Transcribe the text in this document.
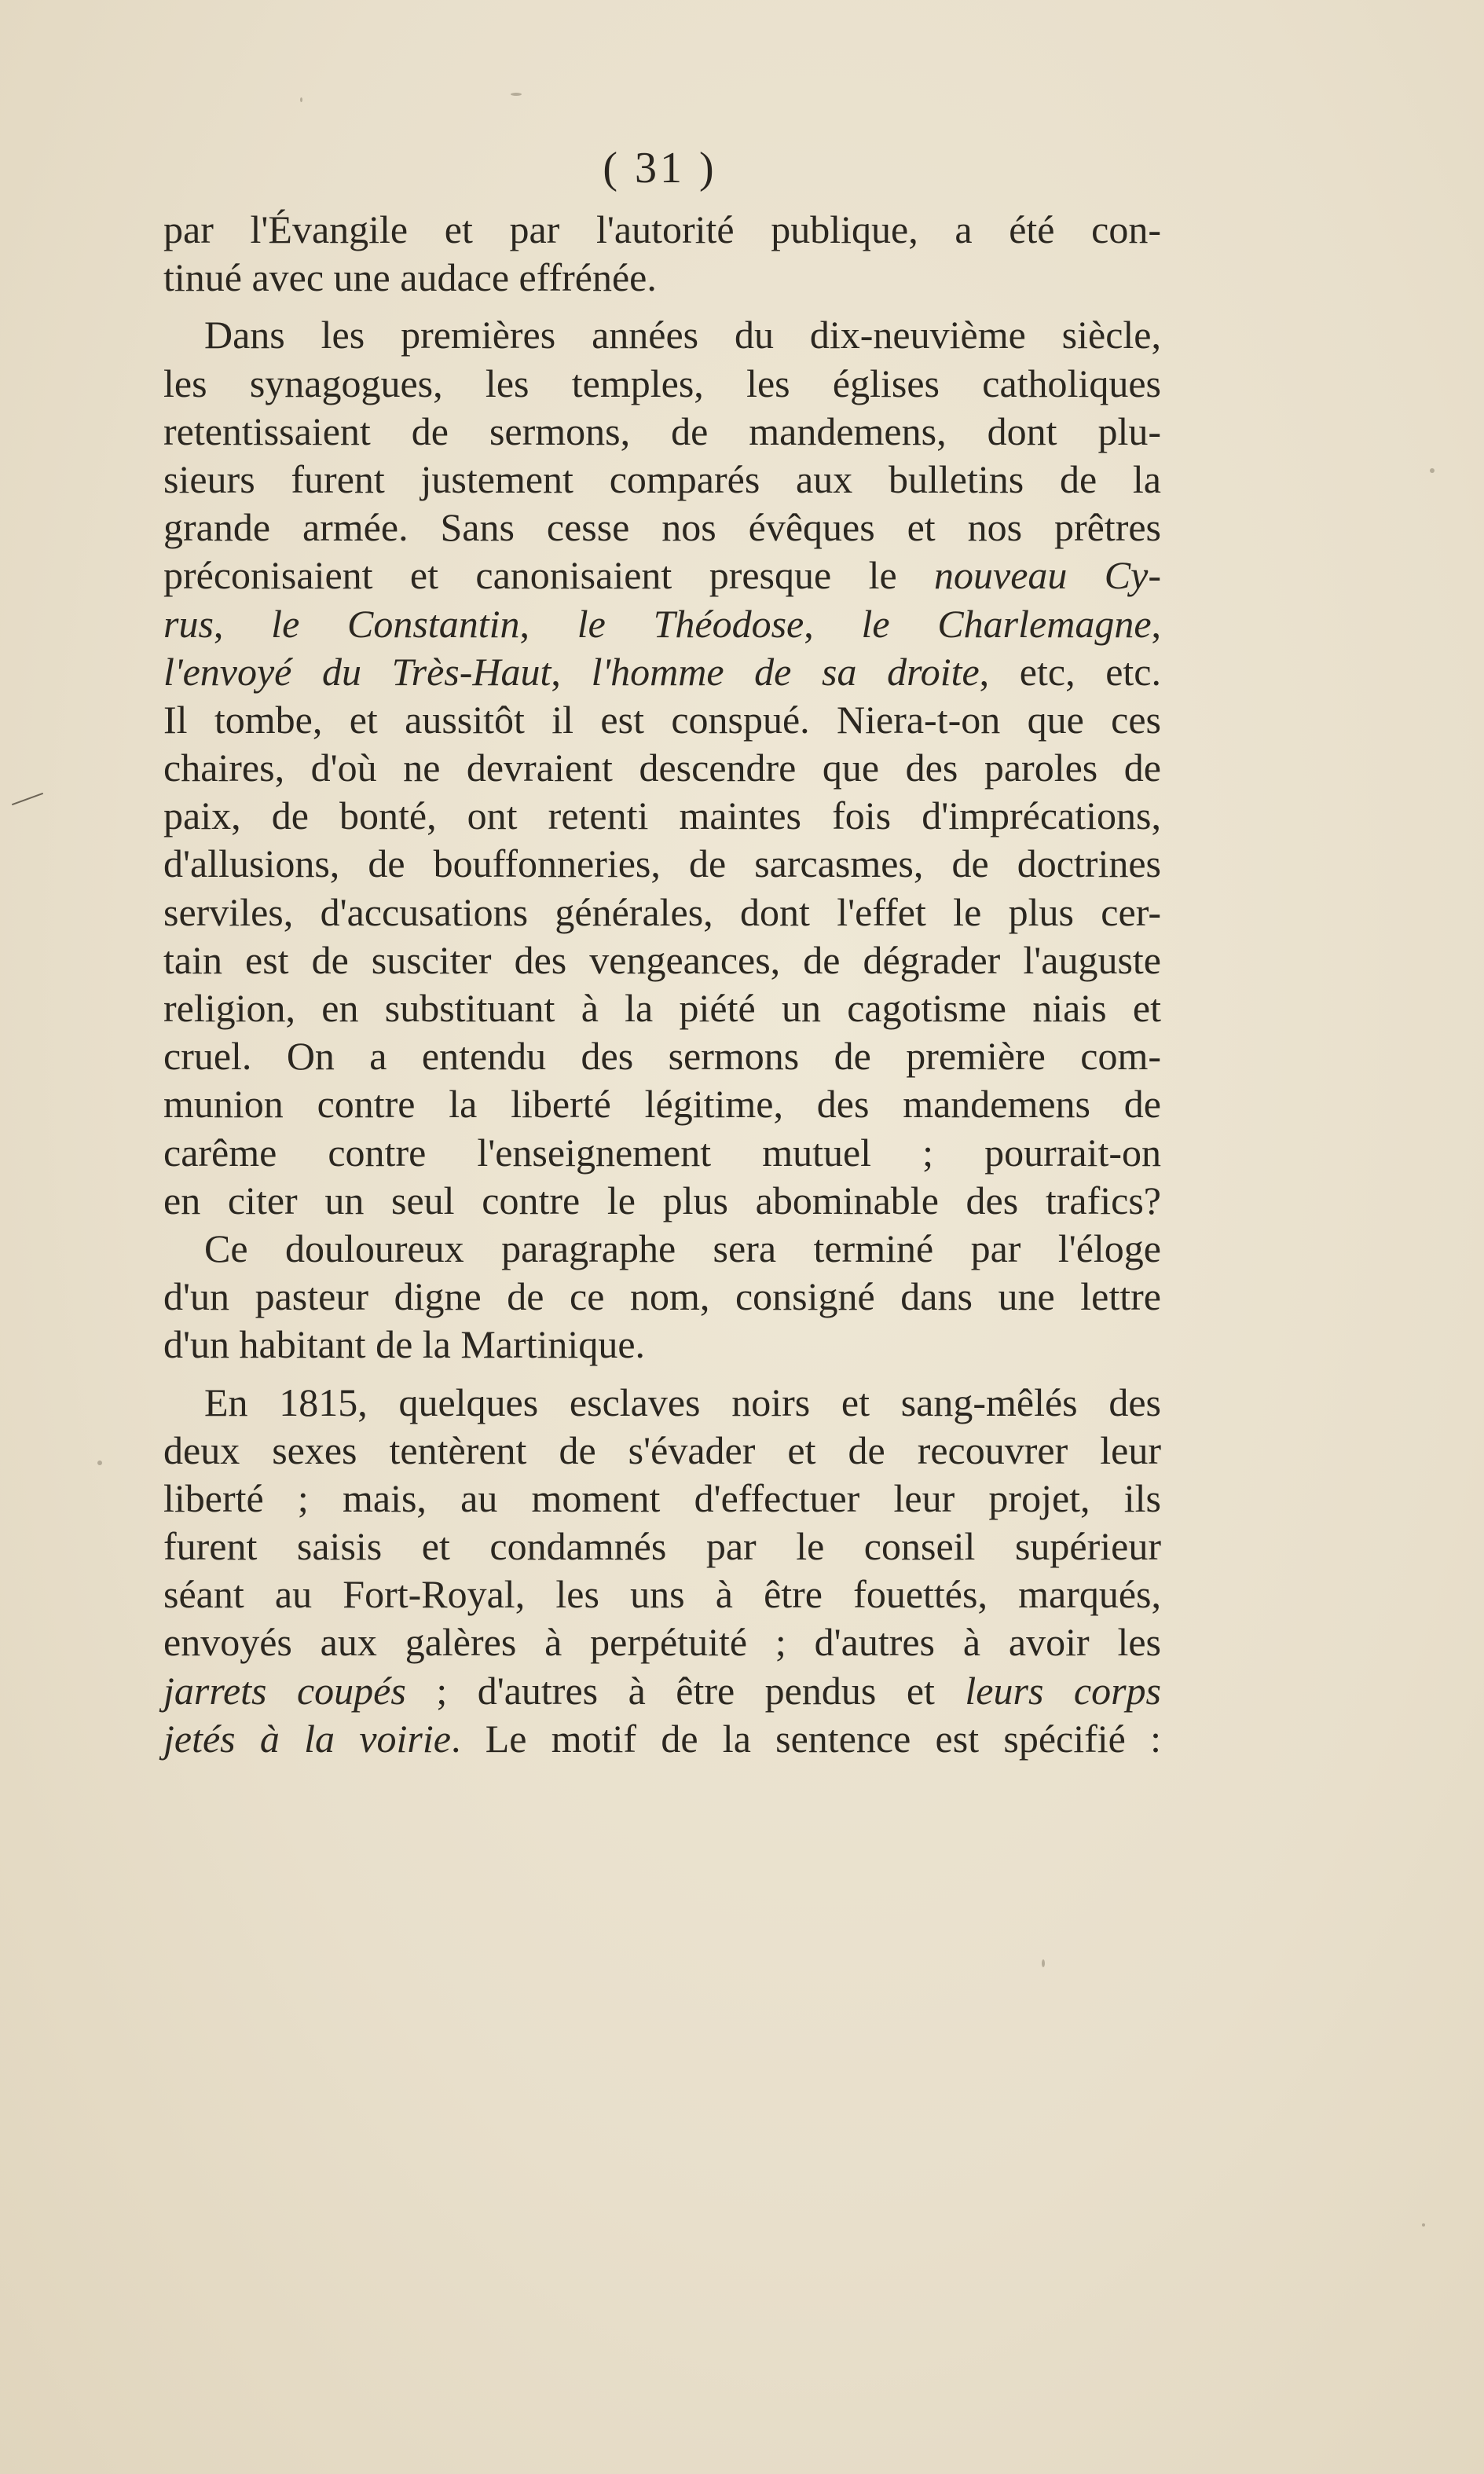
( 31 )
par l'Évangile et par l'autorité publique, a été con-
tinué avec une audace effrénée.
Dans les premières années du dix-neuvième siècle,
les synagogues, les temples, les églises catholiques
retentissaient de sermons, de mandemens, dont plu-
sieurs furent justement comparés aux bulletins de la
grande armée. Sans cesse nos évêques et nos prêtres
préconisaient et canonisaient presque le nouveau Cy-
rus, le Constantin, le Théodose, le Charlemagne,
l'envoyé du Très-Haut, l'homme de sa droite, etc, etc.
Il tombe, et aussitôt il est conspué. Niera-t-on que ces
chaires, d'où ne devraient descendre que des paroles de
paix, de bonté, ont retenti maintes fois d'imprécations,
d'allusions, de bouffonneries, de sarcasmes, de doctrines
serviles, d'accusations générales, dont l'effet le plus cer-
tain est de susciter des vengeances, de dégrader l'auguste
religion, en substituant à la piété un cagotisme niais et
cruel. On a entendu des sermons de première com-
munion contre la liberté légitime, des mandemens de
carême contre l'enseignement mutuel ; pourrait-on
en citer un seul contre le plus abominable des trafics?
Ce douloureux paragraphe sera terminé par l'éloge
d'un pasteur digne de ce nom, consigné dans une lettre
d'un habitant de la Martinique.
En 1815, quelques esclaves noirs et sang-mêlés des
deux sexes tentèrent de s'évader et de recouvrer leur
liberté ; mais, au moment d'effectuer leur projet, ils
furent saisis et condamnés par le conseil supérieur
séant au Fort-Royal, les uns à être fouettés, marqués,
envoyés aux galères à perpétuité ; d'autres à avoir les
jarrets coupés ; d'autres à être pendus et leurs corps
jetés à la voirie. Le motif de la sentence est spécifié :
